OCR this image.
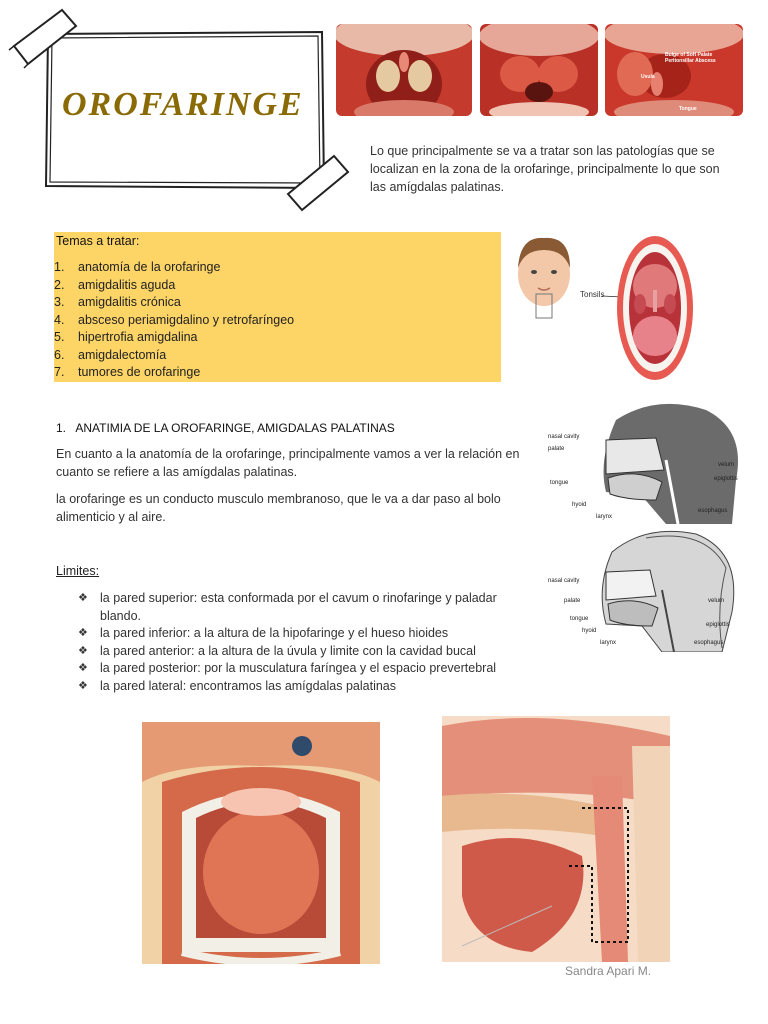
OROFARINGE
Bulge of Soft Palate Peritonsillar Abscess
Uvula
Tongue
Lo que principalmente se va a tratar son las patologías que se localizan en la zona de la orofaringe, principalmente lo que son las amígdalas palatinas.
Temas a tratar:
1.	anatomía de la orofaringe
2.	amigdalitis aguda
3.	amigdalitis crónica
4.	absceso periamigdalino y retrofaríngeo
5.	hipertrofia amigdalina
6.	amigdalectomía
7.	tumores de orofaringe
Tonsils
1.   ANATIMIA DE LA OROFARINGE, AMIGDALAS PALATINAS
En cuanto a la anatomía de la orofaringe, principalmente vamos a ver la relación en cuanto se refiere a las amígdalas palatinas.
la orofaringe es un conducto musculo membranoso, que le va a dar paso al bolo alimenticio y al aire.
Limites:
❖ la pared superior: esta conformada por el cavum o rinofaringe y paladar blando.
❖ la pared inferior: a la altura de la hipofaringe y el hueso hioides
❖ la pared anterior: a la altura de la úvula y limite con la cavidad bucal
❖ la pared posterior: por la musculatura faríngea y el espacio prevertebral
❖ la pared lateral: encontramos las amígdalas palatinas
nasal cavity
palate
tongue
hyoid
larynx
velum
epiglottis
esophagus
nasal cavity
palate
tongue
hyoid
larynx
velum
epiglottis
esophagus
Sandra Apari M.
